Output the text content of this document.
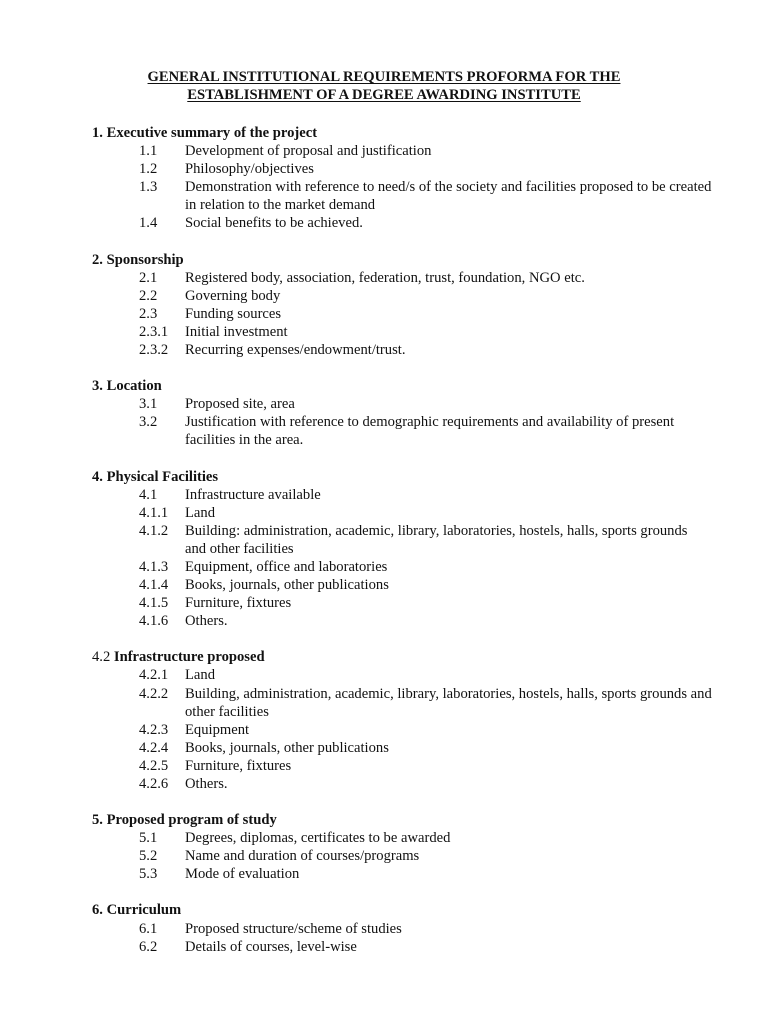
GENERAL INSTITUTIONAL REQUIREMENTS PROFORMA FOR THE
ESTABLISHMENT OF A DEGREE AWARDING INSTITUTE
1. Executive summary of the project
1.1	Development of proposal and justification
1.2	Philosophy/objectives
1.3	Demonstration with reference to need/s of the society and facilities proposed to be created in relation to the market demand
1.4	Social benefits to be achieved.
2. Sponsorship
2.1	Registered body, association, federation, trust, foundation, NGO etc.
2.2	Governing body
2.3	Funding sources
2.3.1	Initial investment
2.3.2	Recurring expenses/endowment/trust.
3. Location
3.1	Proposed site, area
3.2	Justification with reference to demographic requirements and availability of present facilities in the area.
4. Physical Facilities
4.1	Infrastructure available
4.1.1	Land
4.1.2	Building: administration, academic, library, laboratories, hostels, halls, sports grounds and other facilities
4.1.3	Equipment, office and laboratories
4.1.4	Books, journals, other publications
4.1.5	Furniture, fixtures
4.1.6	Others.
4.2 Infrastructure proposed
4.2.1	Land
4.2.2	Building, administration, academic, library, laboratories, hostels, halls, sports grounds and other facilities
4.2.3	Equipment
4.2.4	Books, journals, other publications
4.2.5	Furniture, fixtures
4.2.6	Others.
5. Proposed program of study
5.1	Degrees, diplomas, certificates to be awarded
5.2	Name and duration of courses/programs
5.3	Mode of evaluation
6. Curriculum
6.1	Proposed structure/scheme of studies
6.2	Details of courses, level-wise
